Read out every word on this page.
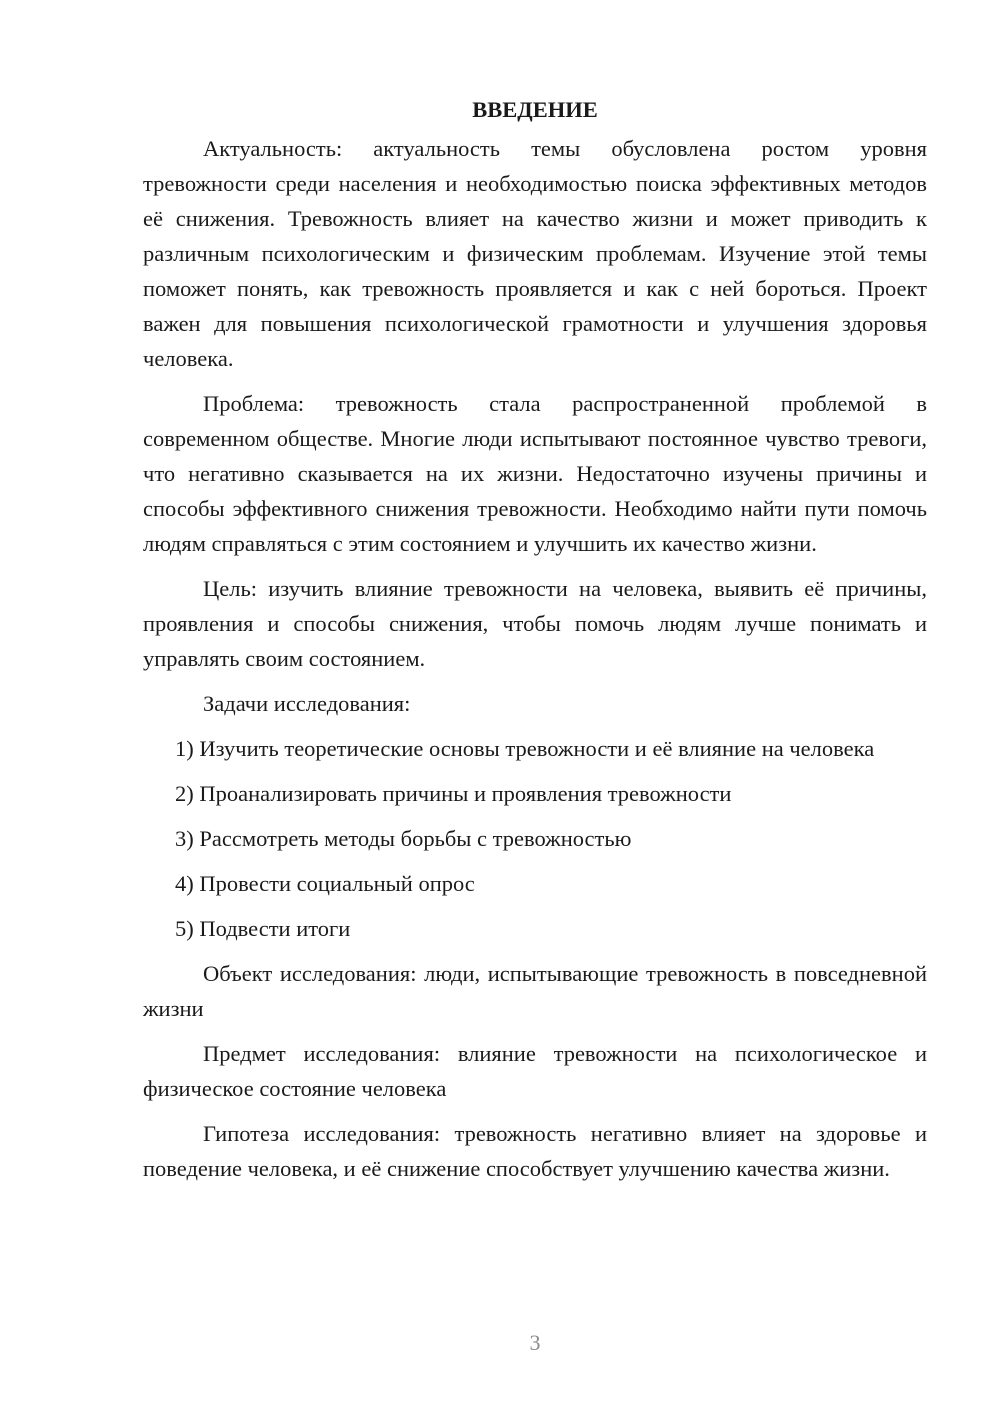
ВВЕДЕНИЕ

Актуальность: актуальность темы обусловлена ростом уровня тревожности среди населения и необходимостью поиска эффективных методов её снижения. Тревожность влияет на качество жизни и может приводить к различным психологическим и физическим проблемам. Изучение этой темы поможет понять, как тревожность проявляется и как с ней бороться. Проект важен для повышения психологической грамотности и улучшения здоровья человека.

Проблема: тревожность стала распространенной проблемой в современном обществе. Многие люди испытывают постоянное чувство тревоги, что негативно сказывается на их жизни. Недостаточно изучены причины и способы эффективного снижения тревожности. Необходимо найти пути помочь людям справляться с этим состоянием и улучшить их качество жизни.

Цель: изучить влияние тревожности на человека, выявить её причины, проявления и способы снижения, чтобы помочь людям лучше понимать и управлять своим состоянием.

Задачи исследования:

1) Изучить теоретические основы тревожности и её влияние на человека

2) Проанализировать причины и проявления тревожности

3) Рассмотреть методы борьбы с тревожностью

4) Провести социальный опрос

5) Подвести итоги

Объект исследования: люди, испытывающие тревожность в повседневной жизни

Предмет исследования: влияние тревожности на психологическое и физическое состояние человека

Гипотеза исследования: тревожность негативно влияет на здоровье и поведение человека, и её снижение способствует улучшению качества жизни.

3
